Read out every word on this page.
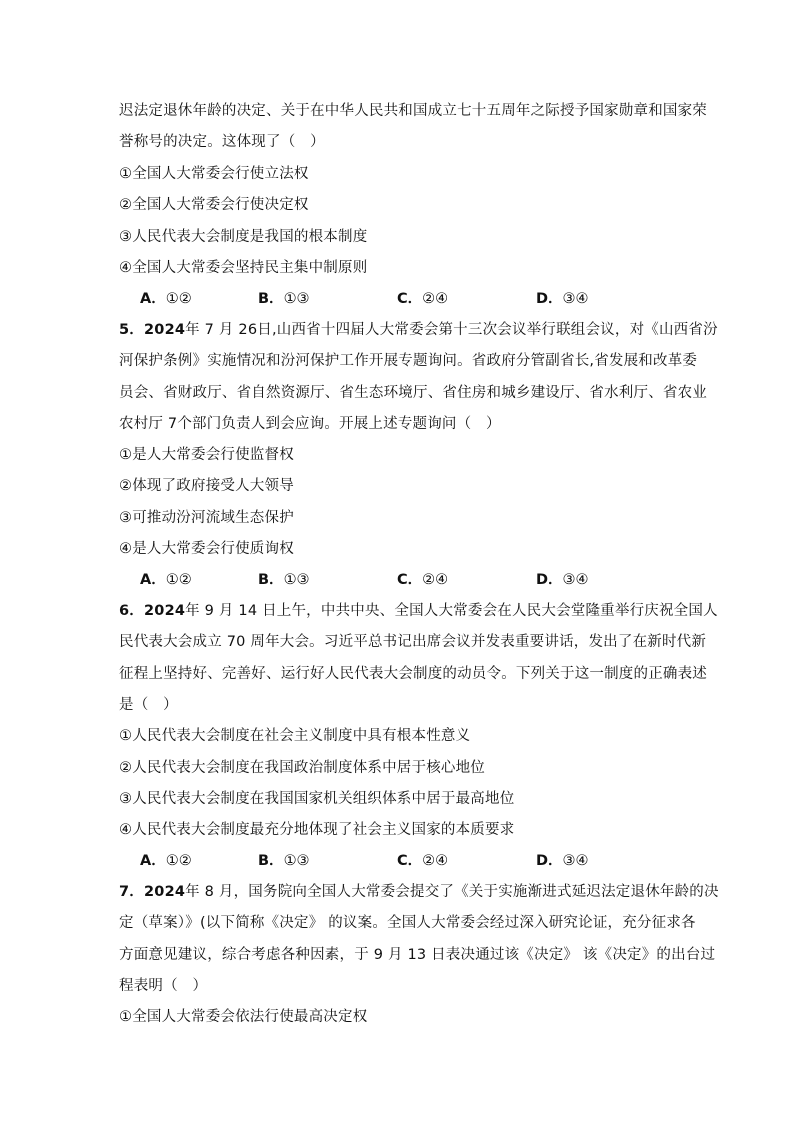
迟法定退休年龄的决定、关于在中华人民共和国成立七十五周年之际授予国家勋章和国家荣
誉称号的决定。这体现了（　）
①全国人大常委会行使立法权
②全国人大常委会行使决定权
③人民代表大会制度是我国的根本制度
④全国人大常委会坚持民主集中制原则
A．①②	B．①③	C．②④	D．③④
5．2024年 7 月 26日,山西省十四届人大常委会第十三次会议举行联组会议，对《山西省汾
河保护条例》实施情况和汾河保护工作开展专题询问。省政府分管副省长,省发展和改革委
员会、省财政厅、省自然资源厅、省生态环境厅、省住房和城乡建设厅、省水利厅、省农业
农村厅 7个部门负责人到会应询。开展上述专题询问（　）
①是人大常委会行使监督权
②体现了政府接受人大领导
③可推动汾河流域生态保护
④是人大常委会行使质询权
A．①②	B．①③	C．②④	D．③④
6．2024年 9 月 14 日上午，中共中央、全国人大常委会在人民大会堂隆重举行庆祝全国人
民代表大会成立 70 周年大会。习近平总书记出席会议并发表重要讲话，发出了在新时代新
征程上坚持好、完善好、运行好人民代表大会制度的动员令。下列关于这一制度的正确表述
是（　）
①人民代表大会制度在社会主义制度中具有根本性意义
②人民代表大会制度在我国政治制度体系中居于核心地位
③人民代表大会制度在我国国家机关组织体系中居于最高地位
④人民代表大会制度最充分地体现了社会主义国家的本质要求
A．①②	B．①③	C．②④	D．③④
7．2024年 8 月，国务院向全国人大常委会提交了《关于实施渐进式延迟法定退休年龄的决
定（草案）》(以下简称《决定》 的议案。全国人大常委会经过深入研究论证，充分征求各
方面意见建议，综合考虑各种因素，于 9 月 13 日表决通过该《决定》 该《决定》的出台过
程表明（　）
①全国人大常委会依法行使最高决定权
